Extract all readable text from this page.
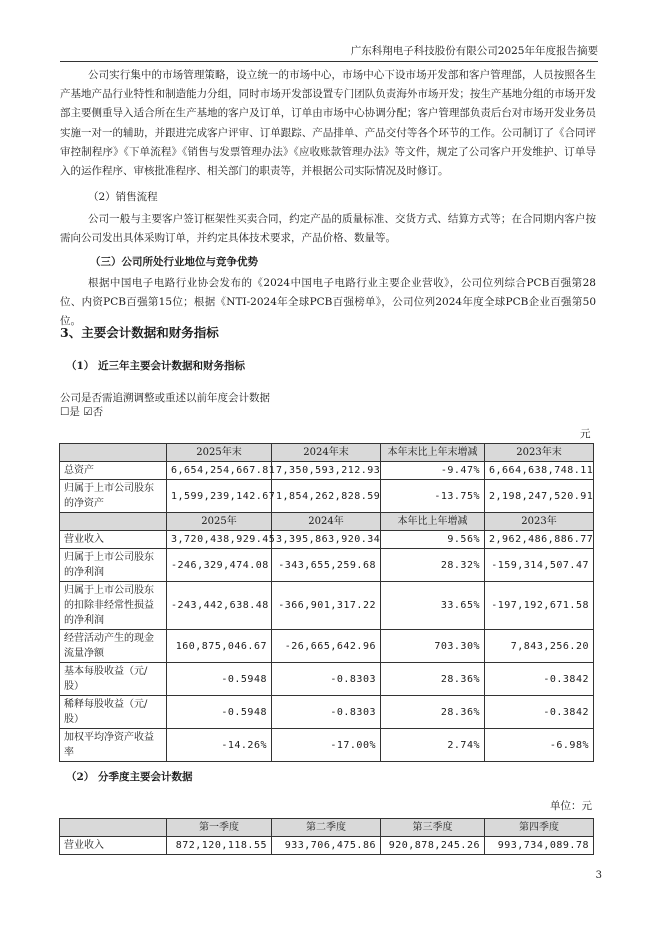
广东科翔电子科技股份有限公司2025年年度报告摘要

公司实行集中的市场管理策略，设立统一的市场中心，市场中心下设市场开发部和客户管理部，人员按照各生产基地产品行业特性和制造能力分组，同时市场开发部设置专门团队负责海外市场开发；按生产基地分组的市场开发部主要侧重导入适合所在生产基地的客户及订单，订单由市场中心协调分配；客户管理部负责后台对市场开发业务员实施一对一的辅助，并跟进完成客户评审、订单跟踪、产品排单、产品交付等各个环节的工作。公司制订了《合同评审控制程序》《下单流程》《销售与发票管理办法》《应收账款管理办法》等文件，规定了公司客户开发维护、订单导入的运作程序、审核批准程序、相关部门的职责等，并根据公司实际情况及时修订。

（2）销售流程

公司一般与主要客户签订框架性买卖合同，约定产品的质量标准、交货方式、结算方式等；在合同期内客户按需向公司发出具体采购订单，并约定具体技术要求，产品价格、数量等。

（三）公司所处行业地位与竞争优势

根据中国电子电路行业协会发布的《2024中国电子电路行业主要企业营收》，公司位列综合PCB百强第28位、内资PCB百强第15位；根据《NTI-2024年全球PCB百强榜单》，公司位列2024年度全球PCB企业百强第50位。

3、主要会计数据和财务指标
（1） 近三年主要会计数据和财务指标
公司是否需追溯调整或重述以前年度会计数据
☐是 ☑否
元
	2025年末	2024年末	本年末比上年末增减	2023年末
总资产	6,654,254,667.81	7,350,593,212.93	-9.47%	6,664,638,748.11
归属于上市公司股东的净资产	1,599,239,142.67	1,854,262,828.59	-13.75%	2,198,247,520.91
	2025年	2024年	本年比上年增减	2023年
营业收入	3,720,438,929.45	3,395,863,920.34	9.56%	2,962,486,886.77
归属于上市公司股东的净利润	-246,329,474.08	-343,655,259.68	28.32%	-159,314,507.47
归属于上市公司股东的扣除非经常性损益的净利润	-243,442,638.48	-366,901,317.22	33.65%	-197,192,671.58
经营活动产生的现金流量净额	160,875,046.67	-26,665,642.96	703.30%	7,843,256.20
基本每股收益（元/股）	-0.5948	-0.8303	28.36%	-0.3842
稀释每股收益（元/股）	-0.5948	-0.8303	28.36%	-0.3842
加权平均净资产收益率	-14.26%	-17.00%	2.74%	-6.98%
（2） 分季度主要会计数据
单位：元
	第一季度	第二季度	第三季度	第四季度
营业收入	872,120,118.55	933,706,475.86	920,878,245.26	993,734,089.78
3
